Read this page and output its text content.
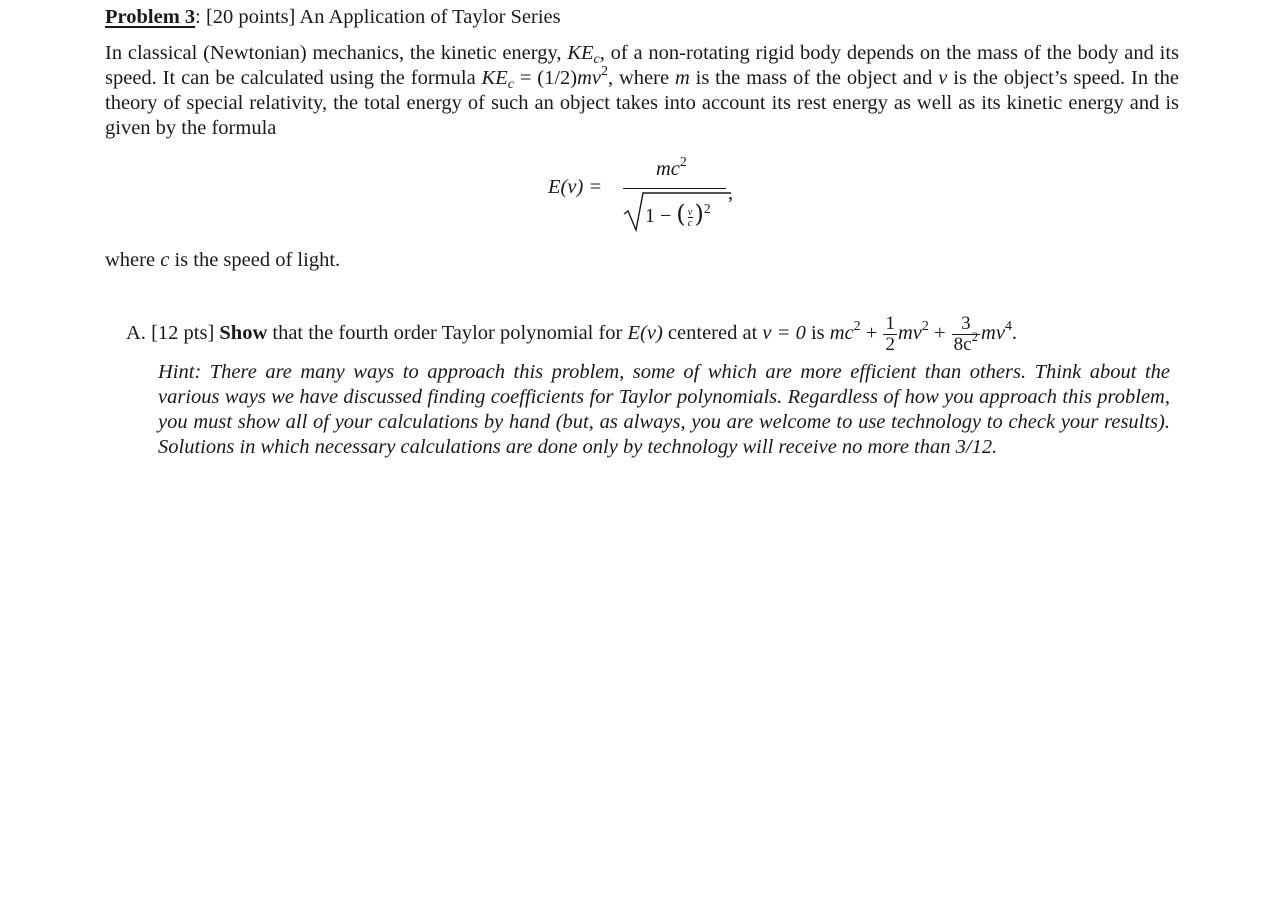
Problem 3: [20 points] An Application of Taylor Series
In classical (Newtonian) mechanics, the kinetic energy, $KE_c$, of a non-rotating rigid body depends on the mass of the body and its speed. It can be calculated using the formula $KE_c = (1/2)mv^2$, where m is the mass of the object and v is the object’s speed. In the theory of special relativity, the total energy of such an object takes into account its rest energy as well as its kinetic energy and is given by the formula
E(v) =
$mc^2$
,
1 − ( $\frac{v}{c} )^2$
where c is the speed of light.
A. [12 pts] Show that the fourth order Taylor polynomial for E(v) centered at v = 0 is $mc^2 + \frac{1}{2} mv^2 + \frac{3}{8c^2} mv^4$.
Hint: There are many ways to approach this problem, some of which are more efficient than others. Think about the various ways we have discussed finding coefficients for Taylor polynomials. Regardless of how you approach this problem, you must show all of your calculations by hand (but, as always, you are welcome to use technology to check your results). Solutions in which necessary calculations are done only by technology will receive no more than 3/12.
